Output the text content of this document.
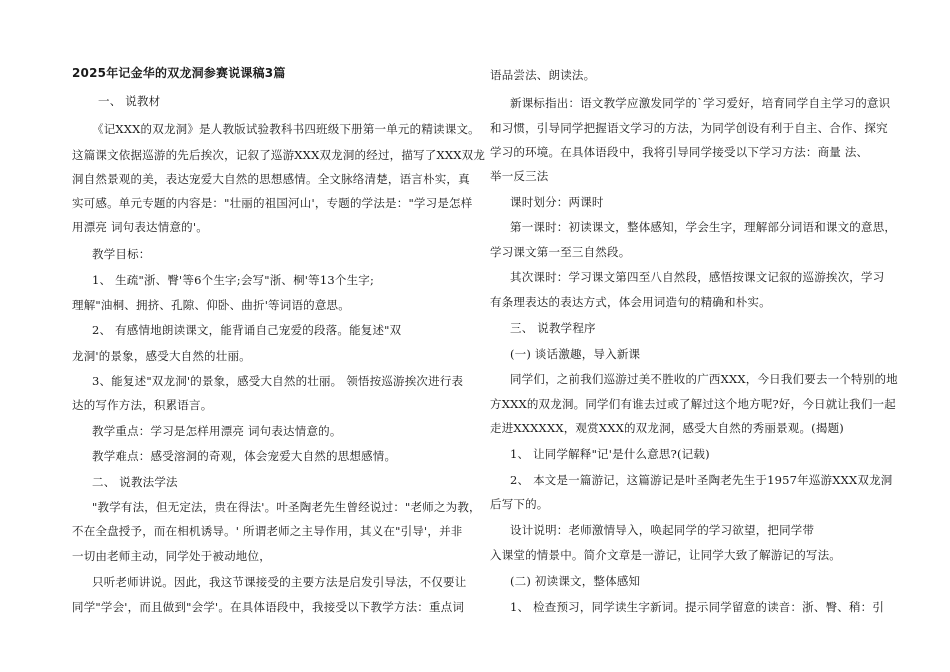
2025年记金华的双龙洞参赛说课稿3篇
一、 说教材
《记XXX的双龙洞》是人教版试验教科书四班级下册第一单元的精读课文。
这篇课文依据巡游的先后挨次，记叙了巡游XXX双龙洞的经过，描写了XXX双龙
洞自然景观的美，表达宠爱大自然的思想感情。全文脉络清楚，语言朴实，真
实可感。单元专题的内容是："壮丽的祖国河山'，专题的学法是："学习是怎样
用漂亮 词句表达情意的'。
教学目标：
1、 生疏"浙、臀'等6个生字;会写"浙、桐'等13个生字;
理解"油桐、拥挤、孔隙、仰卧、曲折'等词语的意思。
2、 有感情地朗读课文，能背诵自己宠爱的段落。能复述"双
龙洞'的景象，感受大自然的壮丽。
3、能复述"双龙洞'的景象，感受大自然的壮丽。 领悟按巡游挨次进行表
达的写作方法，积累语言。
教学重点：学习是怎样用漂亮 词句表达情意的。
教学难点：感受溶洞的奇观，体会宠爱大自然的思想感情。
二、 说教法学法
"教学有法，但无定法，贵在得法'。叶圣陶老先生曾经说过："老师之为教，
不在全盘授予，而在相机诱导。' 所谓老师之主导作用，其义在"引导'，并非
一切由老师主动，同学处于被动地位，
只听老师讲说。因此，我这节课接受的主要方法是启发引导法，不仅要让
同学"学会'，而且做到"会学'。在具体语段中，我接受以下教学方法：重点词
语品尝法、朗读法。
新课标指出：语文教学应激发同学的`学习爱好，培育同学自主学习的意识
和习惯，引导同学把握语文学习的方法，为同学创设有利于自主、合作、探究
学习的环境。在具体语段中，我将引导同学接受以下学习方法：商量 法、
举一反三法
课时划分：两课时
第一课时：初读课文，整体感知，学会生字，理解部分词语和课文的意思，
学习课文第一至三自然段。
其次课时：学习课文第四至八自然段，感悟按课文记叙的巡游挨次，学习
有条理表达的表达方式，体会用词造句的精确和朴实。
三、 说教学程序
(一) 谈话激趣，导入新课
同学们，之前我们巡游过美不胜收的广西XXX，今日我们要去一个特别的地
方XXX的双龙洞。同学们有谁去过或了解过这个地方呢?好，今日就让我们一起
走进XXXXXX，观赏XXX的双龙洞，感受大自然的秀丽景观。(揭题)
1、 让同学解释"记'是什么意思?(记载)
2、 本文是一篇游记，这篇游记是叶圣陶老先生于1957年巡游XXX双龙洞
后写下的。
设计说明：老师激情导入，唤起同学的学习欲望，把同学带
入课堂的情景中。简介文章是一游记，让同学大致了解游记的写法。
(二) 初读课文，整体感知
1、 检查预习，同学读生字新词。提示同学留意的读音：浙、臀、稍：引
